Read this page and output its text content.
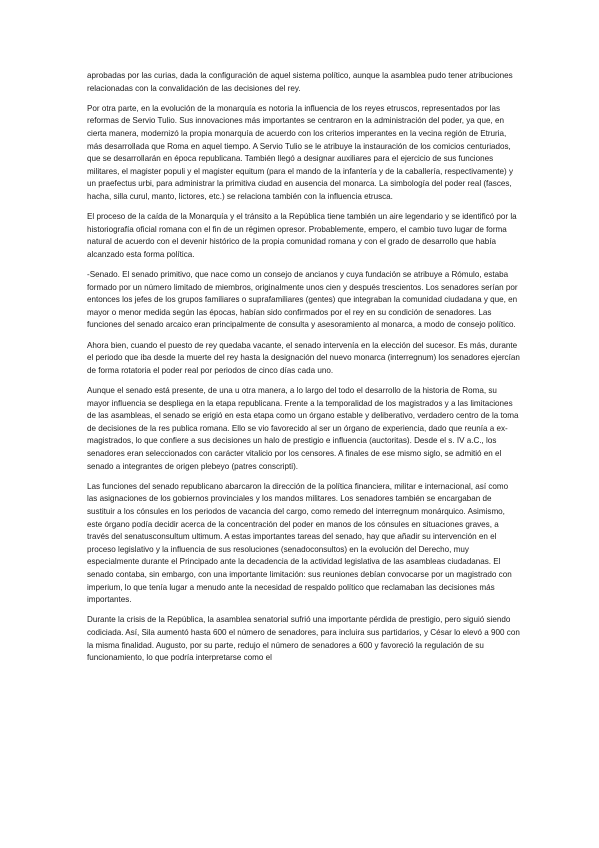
aprobadas por las curias, dada la configuración de aquel sistema político, aunque la asamblea pudo tener atribuciones relacionadas con la convalidación de las decisiones del rey.

Por otra parte, en la evolución de la monarquía es notoria la influencia de los reyes etruscos, representados por las reformas de Servio Tulio. Sus innovaciones más importantes se centraron en la administración del poder, ya que, en cierta manera, modernizó la propia monarquía de acuerdo con los criterios imperantes en la vecina región de Etruria, más desarrollada que Roma en aquel tiempo. A Servio Tulio se le atribuye la instauración de los comicios centuriados, que se desarrollarán en época republicana. También llegó a designar auxiliares para el ejercicio de sus funciones militares, el magister populi y el magister equitum (para el mando de la infantería y de la caballería, respectivamente) y un praefectus urbi, para administrar la primitiva ciudad en ausencia del monarca. La simbología del poder real (fasces, hacha, silla curul, manto, lictores, etc.) se relaciona también con la influencia etrusca.

El proceso de la caída de la Monarquía y el tránsito a la República tiene también un aire legendario y se identificó por la historiografía oficial romana con el fin de un régimen opresor. Probablemente, empero, el cambio tuvo lugar de forma natural de acuerdo con el devenir histórico de la propia comunidad romana y con el grado de desarrollo que había alcanzado esta forma política.

-Senado. El senado primitivo, que nace como un consejo de ancianos y cuya fundación se atribuye a Rómulo, estaba formado por un número limitado de miembros, originalmente unos cien y después trescientos. Los senadores serían por entonces los jefes de los grupos familiares o suprafamiliares (gentes) que integraban la comunidad ciudadana y que, en mayor o menor medida según las épocas, habían sido confirmados por el rey en su condición de senadores. Las funciones del senado arcaico eran principalmente de consulta y asesoramiento al monarca, a modo de consejo político.

Ahora bien, cuando el puesto de rey quedaba vacante, el senado intervenía en la elección del sucesor. Es más, durante el periodo que iba desde la muerte del rey hasta la designación del nuevo monarca (interregnum) los senadores ejercían de forma rotatoria el poder real por periodos de cinco días cada uno.

Aunque el senado está presente, de una u otra manera, a lo largo del todo el desarrollo de la historia de Roma, su mayor influencia se despliega en la etapa republicana. Frente a la temporalidad de los magistrados y a las limitaciones de las asambleas, el senado se erigió en esta etapa como un órgano estable y deliberativo, verdadero centro de la toma de decisiones de la res publica romana. Ello se vio favorecido al ser un órgano de experiencia, dado que reunía a ex-magistrados, lo que confiere a sus decisiones un halo de prestigio e influencia (auctoritas). Desde el s. IV a.C., los senadores eran seleccionados con carácter vitalicio por los censores. A finales de ese mismo siglo, se admitió en el senado a integrantes de origen plebeyo (patres conscripti).

Las funciones del senado republicano abarcaron la dirección de la política financiera, militar e internacional, así como las asignaciones de los gobiernos provinciales y los mandos militares. Los senadores también se encargaban de sustituir a los cónsules en los periodos de vacancia del cargo, como remedo del interregnum monárquico. Asimismo, este órgano podía decidir acerca de la concentración del poder en manos de los cónsules en situaciones graves, a través del senatusconsultum ultimum. A estas importantes tareas del senado, hay que añadir su intervención en el proceso legislativo y la influencia de sus resoluciones (senadoconsultos) en la evolución del Derecho, muy especialmente durante el Principado ante la decadencia de la actividad legislativa de las asambleas ciudadanas. El senado contaba, sin embargo, con una importante limitación: sus reuniones debían convocarse por un magistrado con imperium, lo que tenía lugar a menudo ante la necesidad de respaldo político que reclamaban las decisiones más importantes.

Durante la crisis de la República, la asamblea senatorial sufrió una importante pérdida de prestigio, pero siguió siendo codiciada. Así, Sila aumentó hasta 600 el número de senadores, para incluira sus partidarios, y César lo elevó a 900 con la misma finalidad. Augusto, por su parte, redujo el número de senadores a 600 y favoreció la regulación de su funcionamiento, lo que podría interpretarse como el
